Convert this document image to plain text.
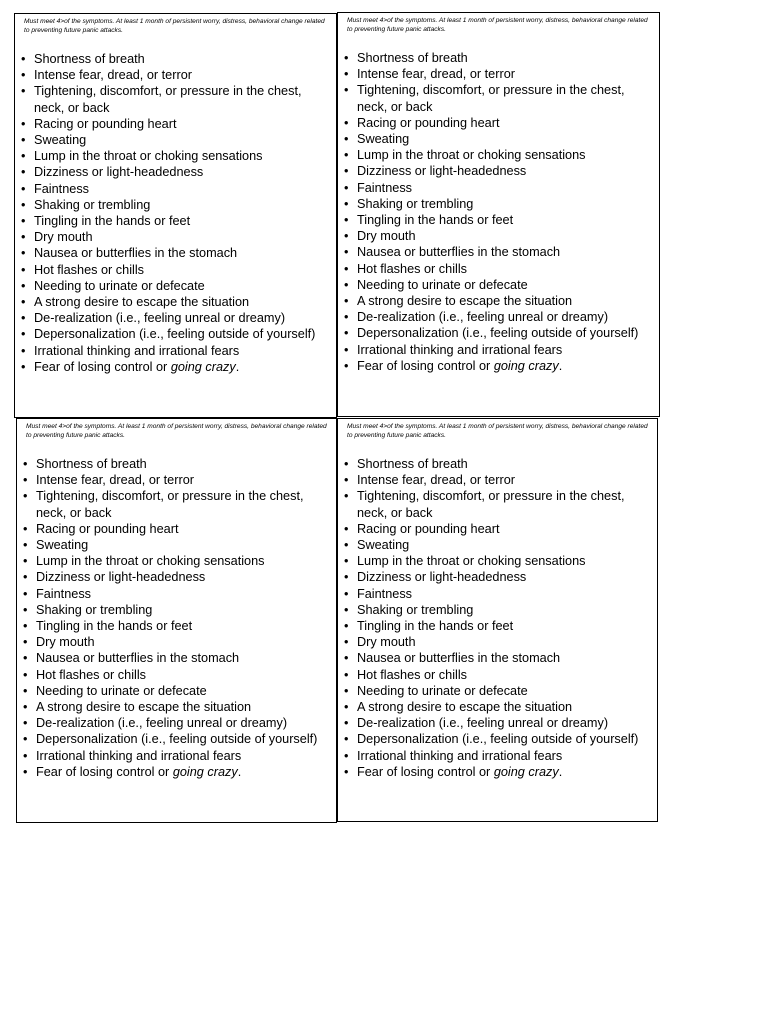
Must meet 4>of the symptoms. At least 1 month of persistent worry, distress, behavioral change related to preventing future panic attacks.
• Shortness of breath
• Intense fear, dread, or terror
• Tightening, discomfort, or pressure in the chest, neck, or back
• Racing or pounding heart
• Sweating
• Lump in the throat or choking sensations
• Dizziness or light-headedness
• Faintness
• Shaking or trembling
• Tingling in the hands or feet
• Dry mouth
• Nausea or butterflies in the stomach
• Hot flashes or chills
• Needing to urinate or defecate
• A strong desire to escape the situation
• De-realization (i.e., feeling unreal or dreamy)
• Depersonalization (i.e., feeling outside of yourself)
• Irrational thinking and irrational fears
• Fear of losing control or going crazy.
Must meet 4>of the symptoms. At least 1 month of persistent worry, distress, behavioral change related to preventing future panic attacks.
• Shortness of breath
• Intense fear, dread, or terror
• Tightening, discomfort, or pressure in the chest, neck, or back
• Racing or pounding heart
• Sweating
• Lump in the throat or choking sensations
• Dizziness or light-headedness
• Faintness
• Shaking or trembling
• Tingling in the hands or feet
• Dry mouth
• Nausea or butterflies in the stomach
• Hot flashes or chills
• Needing to urinate or defecate
• A strong desire to escape the situation
• De-realization (i.e., feeling unreal or dreamy)
• Depersonalization (i.e., feeling outside of yourself)
• Irrational thinking and irrational fears
• Fear of losing control or going crazy.
Must meet 4>of the symptoms. At least 1 month of persistent worry, distress, behavioral change related to preventing future panic attacks.
• Shortness of breath
• Intense fear, dread, or terror
• Tightening, discomfort, or pressure in the chest, neck, or back
• Racing or pounding heart
• Sweating
• Lump in the throat or choking sensations
• Dizziness or light-headedness
• Faintness
• Shaking or trembling
• Tingling in the hands or feet
• Dry mouth
• Nausea or butterflies in the stomach
• Hot flashes or chills
• Needing to urinate or defecate
• A strong desire to escape the situation
• De-realization (i.e., feeling unreal or dreamy)
• Depersonalization (i.e., feeling outside of yourself)
• Irrational thinking and irrational fears
• Fear of losing control or going crazy.
Must meet 4>of the symptoms. At least 1 month of persistent worry, distress, behavioral change related to preventing future panic attacks.
• Shortness of breath
• Intense fear, dread, or terror
• Tightening, discomfort, or pressure in the chest, neck, or back
• Racing or pounding heart
• Sweating
• Lump in the throat or choking sensations
• Dizziness or light-headedness
• Faintness
• Shaking or trembling
• Tingling in the hands or feet
• Dry mouth
• Nausea or butterflies in the stomach
• Hot flashes or chills
• Needing to urinate or defecate
• A strong desire to escape the situation
• De-realization (i.e., feeling unreal or dreamy)
• Depersonalization (i.e., feeling outside of yourself)
• Irrational thinking and irrational fears
• Fear of losing control or going crazy.
